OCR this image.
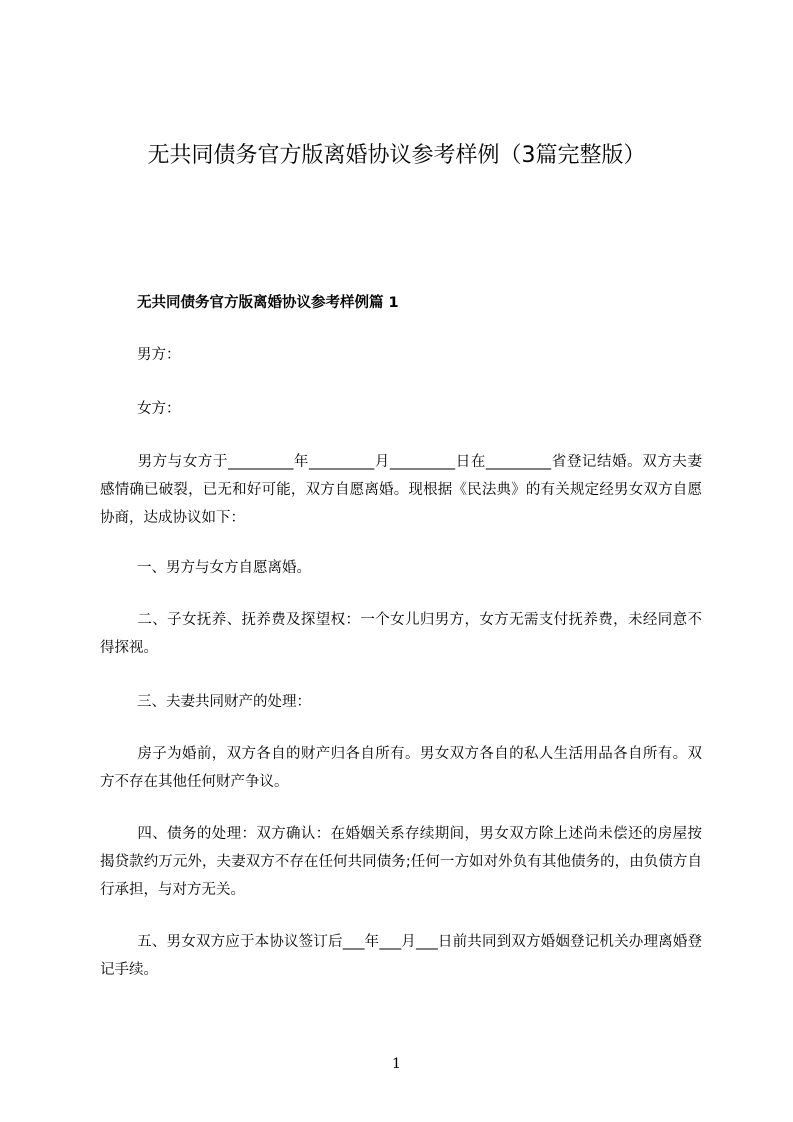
无共同债务官方版离婚协议参考样例（3篇完整版）
无共同债务官方版离婚协议参考样例篇 1

男方：

女方：

男方与女方于_________年_________月_________日在_________省登记结婚。双方夫妻感情确已破裂，已无和好可能，双方自愿离婚。现根据《民法典》的有关规定经男女双方自愿协商，达成协议如下：

一、男方与女方自愿离婚。

二、子女抚养、抚养费及探望权：一个女儿归男方，女方无需支付抚养费，未经同意不得探视。

三、夫妻共同财产的处理：

房子为婚前，双方各自的财产归各自所有。男女双方各自的私人生活用品各自所有。双方不存在其他任何财产争议。

四、债务的处理：双方确认：在婚姻关系存续期间，男女双方除上述尚未偿还的房屋按揭贷款约万元外，夫妻双方不存在任何共同债务;任何一方如对外负有其他债务的，由负债方自行承担，与对方无关。

五、男女双方应于本协议签订后___年___月___日前共同到双方婚姻登记机关办理离婚登记手续。

1
